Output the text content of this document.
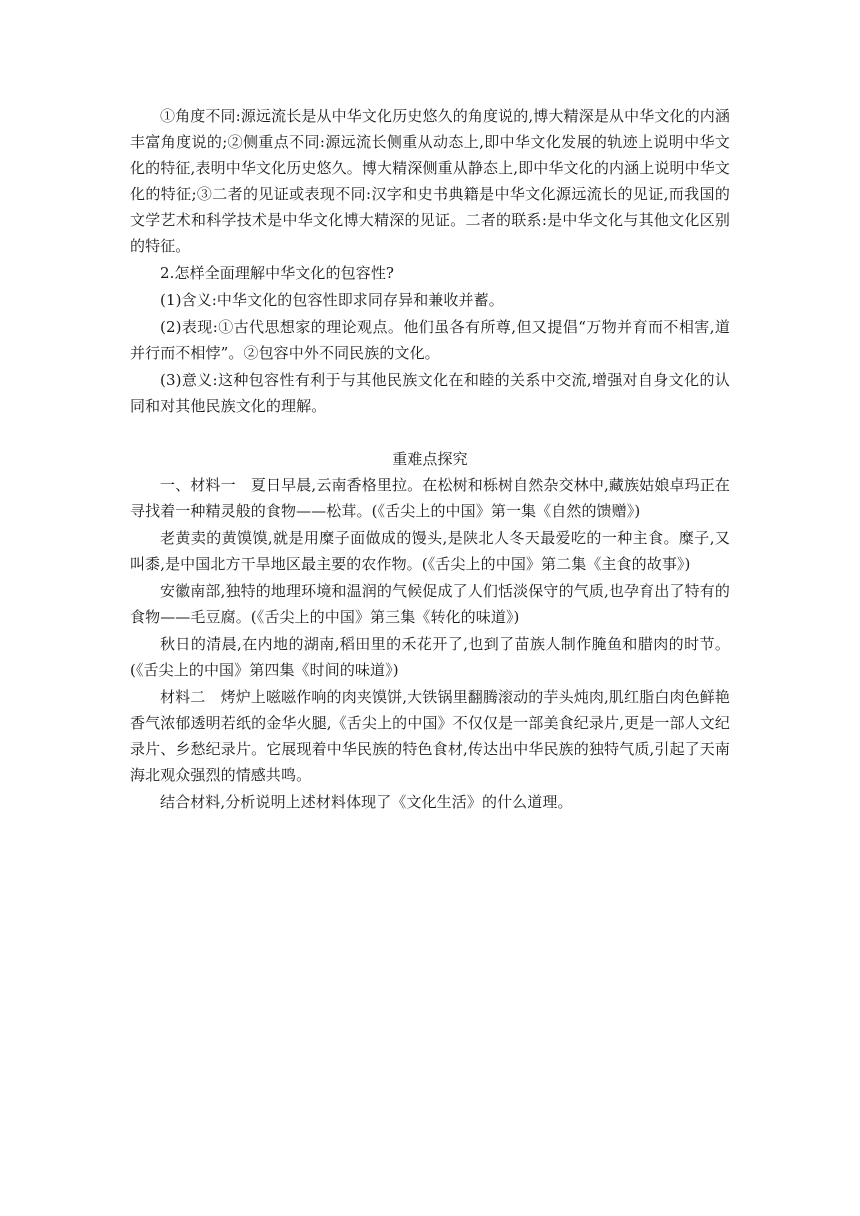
①角度不同:源远流长是从中华文化历史悠久的角度说的,博大精深是从中华文化的内涵丰富角度说的;②侧重点不同:源远流长侧重从动态上,即中华文化发展的轨迹上说明中华文化的特征,表明中华文化历史悠久。博大精深侧重从静态上,即中华文化的内涵上说明中华文化的特征;③二者的见证或表现不同:汉字和史书典籍是中华文化源远流长的见证,而我国的文学艺术和科学技术是中华文化博大精深的见证。二者的联系:是中华文化与其他文化区别的特征。

2.怎样全面理解中华文化的包容性?

(1)含义:中华文化的包容性即求同存异和兼收并蓄。

(2)表现:①古代思想家的理论观点。他们虽各有所尊,但又提倡“万物并育而不相害,道并行而不相悖”。②包容中外不同民族的文化。

(3)意义:这种包容性有利于与其他民族文化在和睦的关系中交流,增强对自身文化的认同和对其他民族文化的理解。

重难点探究

一、材料一　夏日早晨,云南香格里拉。在松树和栎树自然杂交林中,藏族姑娘卓玛正在寻找着一种精灵般的食物——松茸。(《舌尖上的中国》第一集《自然的馈赠》)

老黄卖的黄馍馍,就是用糜子面做成的馒头,是陕北人冬天最爱吃的一种主食。糜子,又叫黍,是中国北方干旱地区最主要的农作物。(《舌尖上的中国》第二集《主食的故事》)

安徽南部,独特的地理环境和温润的气候促成了人们恬淡保守的气质,也孕育出了特有的食物——毛豆腐。(《舌尖上的中国》第三集《转化的味道》)

秋日的清晨,在内地的湖南,稻田里的禾花开了,也到了苗族人制作腌鱼和腊肉的时节。(《舌尖上的中国》第四集《时间的味道》)

材料二　烤炉上嗞嗞作响的肉夹馍饼,大铁锅里翻腾滚动的芋头炖肉,肌红脂白肉色鲜艳香气浓郁透明若纸的金华火腿,《舌尖上的中国》不仅仅是一部美食纪录片,更是一部人文纪录片、乡愁纪录片。它展现着中华民族的特色食材,传达出中华民族的独特气质,引起了天南海北观众强烈的情感共鸣。

结合材料,分析说明上述材料体现了《文化生活》的什么道理。
